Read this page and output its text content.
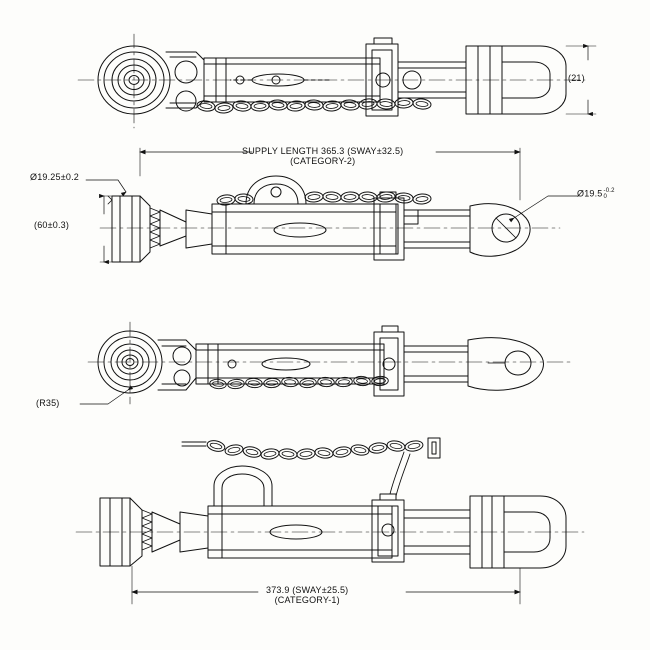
SUPPLY LENGTH 365.3 (SWAY±32.5)
(CATEGORY-2)
Ø19.25±0.2
(60±0.3)
Ø19.5-0.2
0
(21)
(R35)
373.9 (SWAY±25.5)
(CATEGORY-1)
